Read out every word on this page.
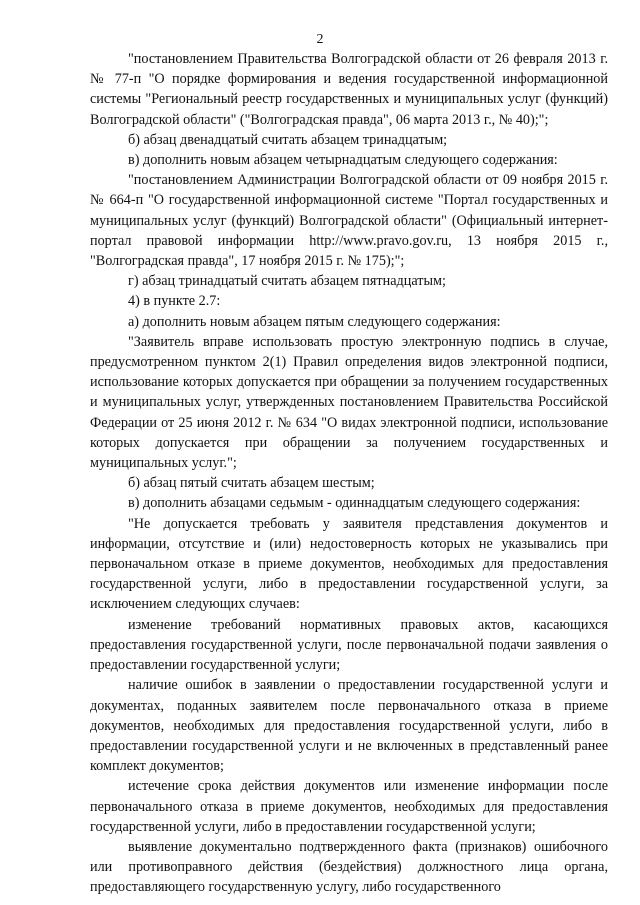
2

"постановлением Правительства Волгоградской области от 26 февраля 2013 г. № 77-п "О порядке формирования и ведения государственной информационной системы "Региональный реестр государственных и муниципальных услуг (функций) Волгоградской области" ("Волгоградская правда", 06 марта 2013 г., № 40);";

б) абзац двенадцатый считать абзацем тринадцатым;

в) дополнить новым абзацем четырнадцатым следующего содержания:

"постановлением Администрации Волгоградской области от 09 ноября 2015 г. № 664-п "О государственной информационной системе "Портал государственных и муниципальных услуг (функций) Волгоградской области" (Официальный интернет-портал правовой информации http://www.pravo.gov.ru, 13 ноября 2015 г., "Волгоградская правда", 17 ноября 2015 г. № 175);";

г) абзац тринадцатый считать абзацем пятнадцатым;

4) в пункте 2.7:

а) дополнить новым абзацем пятым следующего содержания:

"Заявитель вправе использовать простую электронную подпись в случае, предусмотренном пунктом 2(1) Правил определения видов электронной подписи, использование которых допускается при обращении за получением государственных и муниципальных услуг, утвержденных постановлением Правительства Российской Федерации от 25 июня 2012 г. № 634 "О видах электронной подписи, использование которых допускается при обращении за получением государственных и муниципальных услуг.";

б) абзац пятый считать абзацем шестым;

в) дополнить абзацами седьмым - одиннадцатым следующего содержания:

"Не допускается требовать у заявителя представления документов и информации, отсутствие и (или) недостоверность которых не указывались при первоначальном отказе в приеме документов, необходимых для предоставления государственной услуги, либо в предоставлении государственной услуги, за исключением следующих случаев:

изменение требований нормативных правовых актов, касающихся предоставления государственной услуги, после первоначальной подачи заявления о предоставлении государственной услуги;

наличие ошибок в заявлении о предоставлении государственной услуги и документах, поданных заявителем после первоначального отказа в приеме документов, необходимых для предоставления государственной услуги, либо в предоставлении государственной услуги и не включенных в представленный ранее комплект документов;

истечение срока действия документов или изменение информации после первоначального отказа в приеме документов, необходимых для предоставления государственной услуги, либо в предоставлении государственной услуги;

выявление документально подтвержденного факта (признаков) ошибочного или противоправного действия (бездействия) должностного лица органа, предоставляющего государственную услугу, либо государственного
